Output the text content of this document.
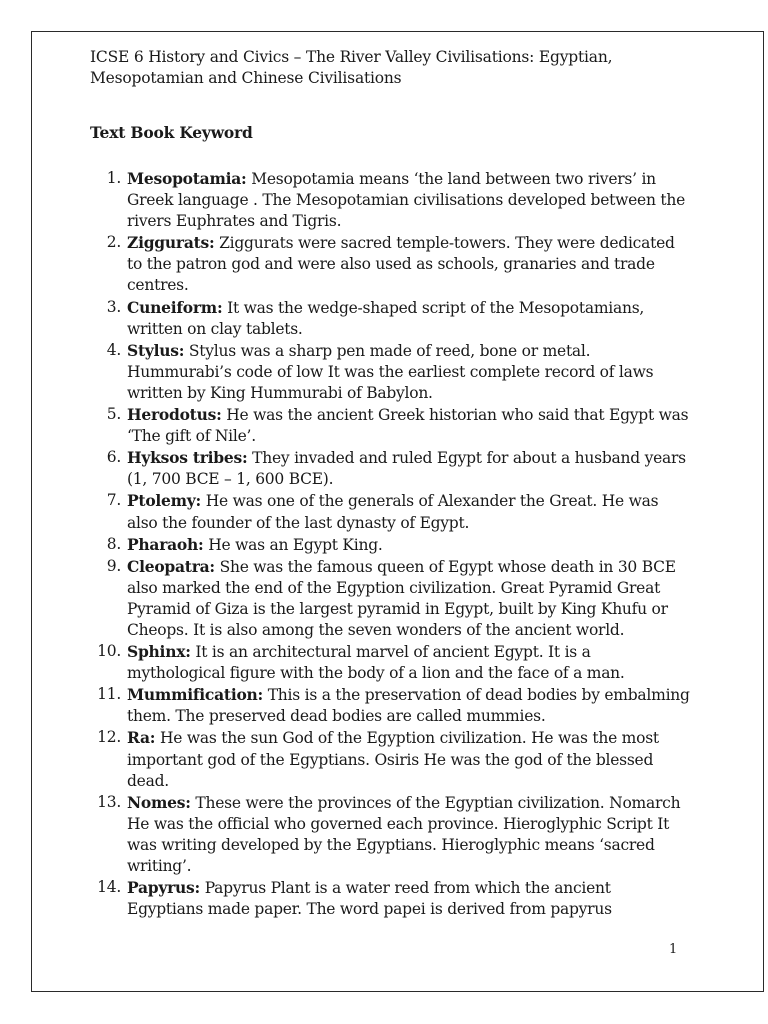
ICSE 6 History and Civics – The River Valley Civilisations: Egyptian, Mesopotamian and Chinese Civilisations
Text Book Keyword
1. Mesopotamia: Mesopotamia means ‘the land between two rivers’ in Greek language . The Mesopotamian civilisations developed between the rivers Euphrates and Tigris.
2. Ziggurats: Ziggurats were sacred temple-towers. They were dedicated to the patron god and were also used as schools, granaries and trade centres.
3. Cuneiform: It was the wedge-shaped script of the Mesopotamians, written on clay tablets.
4. Stylus: Stylus was a sharp pen made of reed, bone or metal. Hummurabi’s code of low It was the earliest complete record of laws written by King Hummurabi of Babylon.
5. Herodotus: He was the ancient Greek historian who said that Egypt was ‘The gift of Nile’.
6. Hyksos tribes: They invaded and ruled Egypt for about a husband years (1, 700 BCE – 1, 600 BCE).
7. Ptolemy: He was one of the generals of Alexander the Great. He was also the founder of the last dynasty of Egypt.
8. Pharaoh: He was an Egypt King.
9. Cleopatra: She was the famous queen of Egypt whose death in 30 BCE also marked the end of the Egyption civilization. Great Pyramid Great Pyramid of Giza is the largest pyramid in Egypt, built by King Khufu or Cheops. It is also among the seven wonders of the ancient world.
10. Sphinx: It is an architectural marvel of ancient Egypt. It is a mythological figure with the body of a lion and the face of a man.
11. Mummification: This is a the preservation of dead bodies by embalming them. The preserved dead bodies are called mummies.
12. Ra: He was the sun God of the Egyption civilization. He was the most important god of the Egyptians. Osiris He was the god of the blessed dead.
13. Nomes: These were the provinces of the Egyptian civilization. Nomarch He was the official who governed each province. Hieroglyphic Script It was writing developed by the Egyptians. Hieroglyphic means ‘sacred writing’.
14. Papyrus: Papyrus Plant is a water reed from which the ancient Egyptians made paper. The word papei is derived from papyrus
1
